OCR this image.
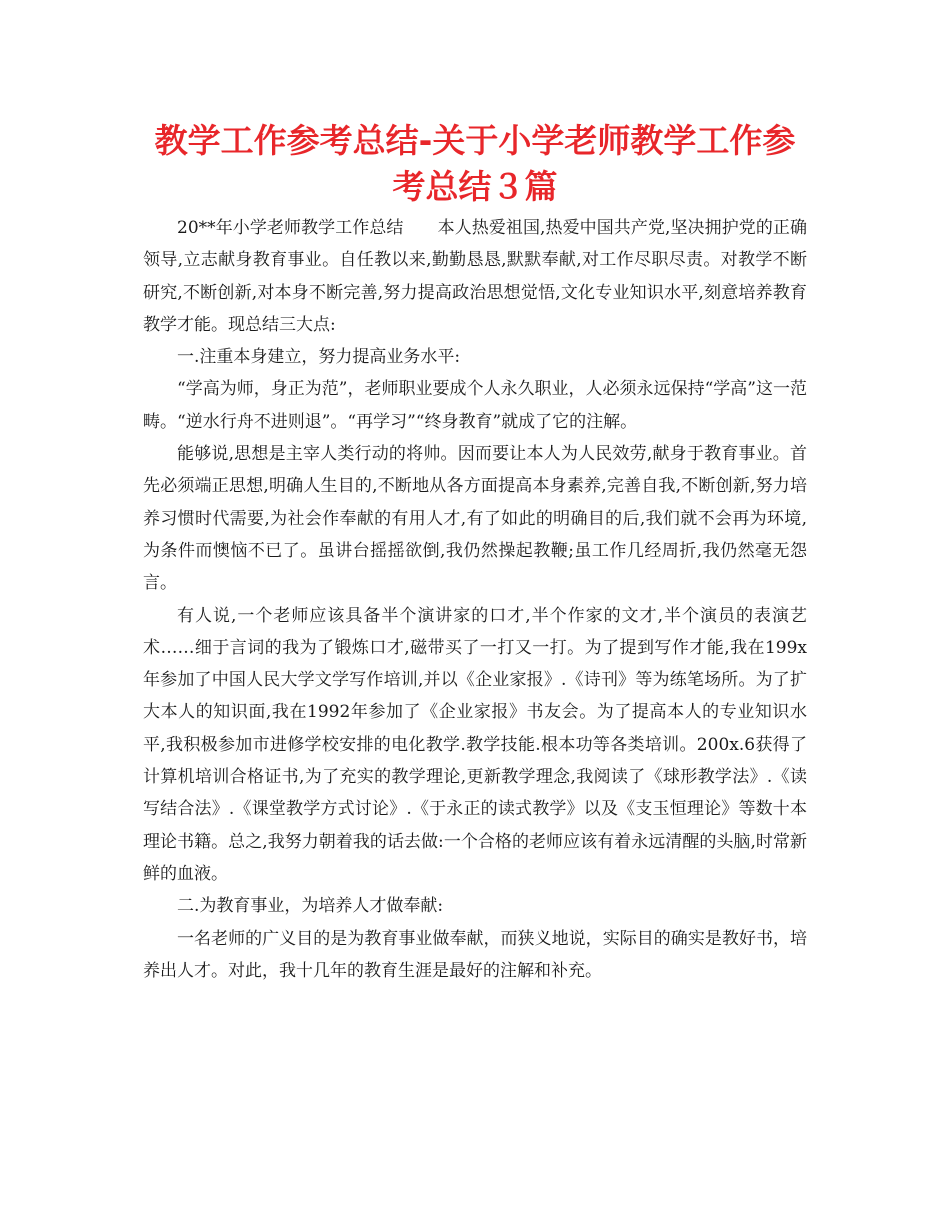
教学工作参考总结-关于小学老师教学工作参考总结３篇

20**年小学老师教学工作总结　　本人热爱祖国,热爱中国共产党,坚决拥护党的正确领导,立志献身教育事业。自任教以来,勤勤恳恳,默默奉献,对工作尽职尽责。对教学不断研究,不断创新,对本身不断完善,努力提高政治思想觉悟,文化专业知识水平,刻意培养教育教学才能。现总结三大点:

一.注重本身建立，努力提高业务水平:

“学高为师，身正为范”，老师职业要成个人永久职业，人必须永远保持“学高”这一范畴。“逆水行舟不进则退”。“再学习”“终身教育”就成了它的注解。

能够说,思想是主宰人类行动的将帅。因而要让本人为人民效劳,献身于教育事业。首先必须端正思想,明确人生目的,不断地从各方面提高本身素养,完善自我,不断创新,努力培养习惯时代需要,为社会作奉献的有用人才,有了如此的明确目的后,我们就不会再为环境,为条件而懊恼不已了。虽讲台摇摇欲倒,我仍然操起教鞭;虽工作几经周折,我仍然毫无怨言。

有人说,一个老师应该具备半个演讲家的口才,半个作家的文才,半个演员的表演艺术……细于言词的我为了锻炼口才,磁带买了一打又一打。为了提到写作才能,我在199x年参加了中国人民大学文学写作培训,并以《企业家报》.《诗刊》等为练笔场所。为了扩大本人的知识面,我在1992年参加了《企业家报》书友会。为了提高本人的专业知识水平,我积极参加市进修学校安排的电化教学.教学技能.根本功等各类培训。200x.6获得了计算机培训合格证书,为了充实的教学理论,更新教学理念,我阅读了《球形教学法》.《读写结合法》.《课堂教学方式讨论》.《于永正的读式教学》以及《支玉恒理论》等数十本理论书籍。总之,我努力朝着我的话去做:一个合格的老师应该有着永远清醒的头脑,时常新鲜的血液。

二.为教育事业，为培养人才做奉献:

一名老师的广义目的是为教育事业做奉献，而狭义地说，实际目的确实是教好书，培养出人才。对此，我十几年的教育生涯是最好的注解和补充。
